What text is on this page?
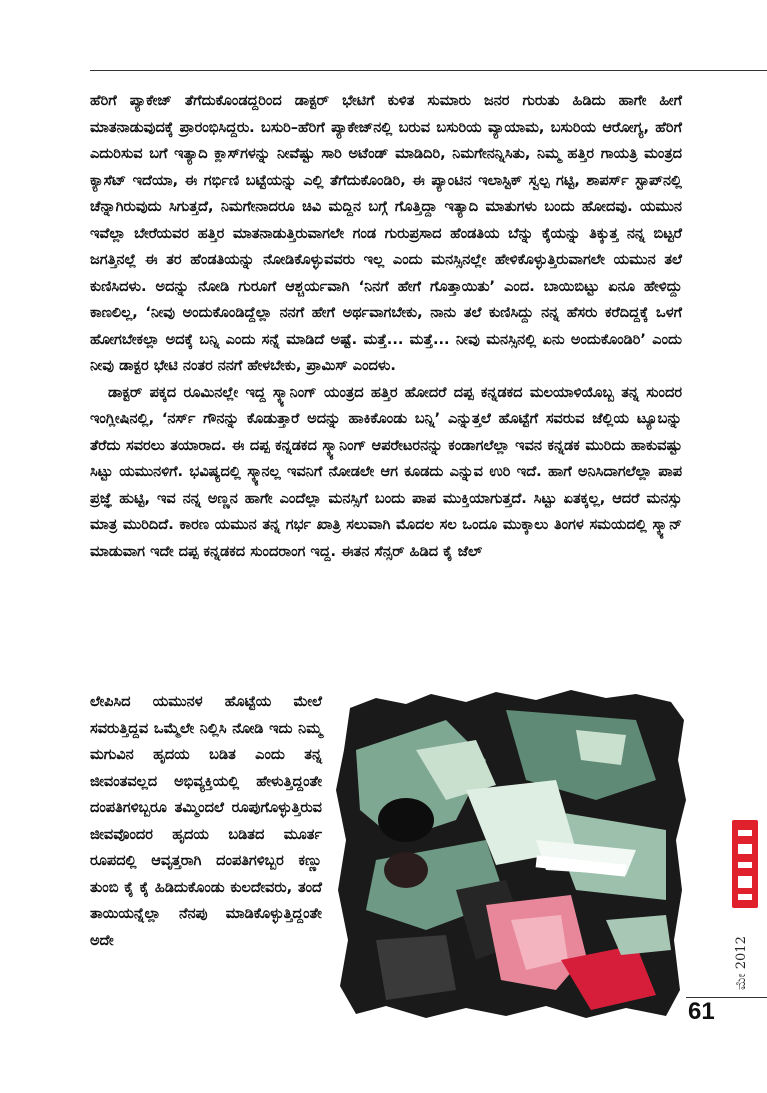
ಹೆರಿಗೆ ಪ್ಯಾಕೇಜ್ ತೆಗೆದುಕೊಂಡದ್ದರಿಂದ ಡಾಕ್ಟರ್ ಭೇಟಿಗೆ ಕುಳಿತ ಸುಮಾರು ಜನರ ಗುರುತು ಹಿಡಿದು ಹಾಗೇ ಹೀಗೆ ಮಾತನಾಡುವುದಕ್ಕೆ ಪ್ರಾರಂಭಿಸಿದ್ದರು. ಬಸುರಿ–ಹೆರಿಗೆ ಪ್ಯಾಕೇಜ್‌ನಲ್ಲಿ ಬರುವ ಬಸುರಿಯ ವ್ಯಾಯಾಮ, ಬಸುರಿಯ ಆರೋಗ್ಯ, ಹೆರಿಗೆ ಎದುರಿಸುವ ಬಗೆ ಇತ್ಯಾದಿ ಕ್ಲಾಸ್‌ಗಳನ್ನು ನೀವೆಷ್ಟು ಸಾರಿ ಅಟೆಂಡ್ ಮಾಡಿದಿರಿ, ನಿಮಗೇನನ್ನಿಸಿತು, ನಿಮ್ಮ ಹತ್ತಿರ ಗಾಯತ್ರಿ ಮಂತ್ರದ ಕ್ಯಾಸೆಟ್ ಇದೆಯಾ, ಈ ಗರ್ಭಿಣಿ ಬಟ್ಟೆಯನ್ನು ಎಲ್ಲಿ ತೆಗೆದುಕೊಂಡಿರಿ, ಈ ಪ್ಯಾಂಟಿನ ಇಲಾಸ್ಟಿಕ್ ಸ್ವಲ್ಪ ಗಟ್ಟಿ, ಶಾಪರ್ಸ್ ಸ್ಟಾಪ್‌ನಲ್ಲಿ ಚೆನ್ನಾಗಿರುವುದು ಸಿಗುತ್ತದೆ, ನಿಮಗೇನಾದರೂ ಚಿವಿ ಮದ್ದಿನ ಬಗ್ಗೆ ಗೊತ್ತಿದ್ದಾ ಇತ್ಯಾದಿ ಮಾತುಗಳು ಬಂದು ಹೋದವು. ಯಮುನ ಇವೆಲ್ಲಾ ಬೇರೆಯವರ ಹತ್ತಿರ ಮಾತನಾಡುತ್ತಿರುವಾಗಲೇ ಗಂಡ ಗುರುಪ್ರಸಾದ ಹೆಂಡತಿಯ ಬೆನ್ನು ಕೈಯನ್ನು ತಿಕ್ಕುತ್ತ ನನ್ನ ಬಿಟ್ಟರೆ ಜಗತ್ತಿನಲ್ಲೆ ಈ ತರ ಹೆಂಡತಿಯನ್ನು ನೋಡಿಕೊಳ್ಳುವವರು ಇಲ್ಲ ಎಂದು ಮನಸ್ಸಿನಲ್ಲೇ ಹೇಳಿಕೊಳ್ಳುತ್ತಿರುವಾಗಲೇ ಯಮುನ ತಲೆ ಕುಣಿಸಿದಳು. ಅದನ್ನು ನೋಡಿ ಗುರೂಗೆ ಆಶ್ಚರ್ಯವಾಗಿ ‘ನಿನಗೆ ಹೇಗೆ ಗೊತ್ತಾಯಿತು’ ಎಂದ. ಬಾಯಿಬಿಟ್ಟು ಏನೂ ಹೇಳಿದ್ದು ಕಾಣಲಿಲ್ಲ, ‘ನೀವು ಅಂದುಕೊಂಡಿದ್ದೆಲ್ಲಾ ನನಗೆ ಹೇಗೆ ಅರ್ಥವಾಗಬೇಕು, ನಾನು ತಲೆ ಕುಣಿಸಿದ್ದು ನನ್ನ ಹೆಸರು ಕರೆದಿದ್ದಕ್ಕೆ ಒಳಗೆ ಹೋಗಬೇಕಲ್ಲಾ ಅದಕ್ಕೆ ಬನ್ನಿ ಎಂದು ಸನ್ನೆ ಮಾಡಿದೆ ಅಷ್ಟೆ. ಮತ್ತೆ... ಮತ್ತೆ... ನೀವು ಮನಸ್ಸಿನಲ್ಲಿ ಏನು ಅಂದುಕೊಂಡಿರಿ’ ಎಂದು ನೀವು ಡಾಕ್ಟರ ಭೇಟಿ ನಂತರ ನನಗೆ ಹೇಳಬೇಕು, ಪ್ರಾಮಿಸ್ ಎಂದಳು.

ಡಾಕ್ಟರ್ ಪಕ್ಕದ ರೂಮಿನಲ್ಲೇ ಇದ್ದ ಸ್ಕ್ಯಾನಿಂಗ್ ಯಂತ್ರದ ಹತ್ತಿರ ಹೋದರೆ ದಪ್ಪ ಕನ್ನಡಕದ ಮಲಯಾಳಿಯೊಬ್ಬ ತನ್ನ ಸುಂದರ ಇಂಗ್ಲೀಷಿನಲ್ಲಿ, ‘ನರ್ಸ್ ಗೌನನ್ನು ಕೊಡುತ್ತಾರೆ ಅದನ್ನು ಹಾಕಿಕೊಂಡು ಬನ್ನಿ’ ಎನ್ನುತ್ತಲೆ ಹೊಟ್ಟೆಗೆ ಸವರುವ ಜೆಲ್ಲಿಯ ಟ್ಯೂಬನ್ನು ತೆರೆದು ಸವರಲು ತಯಾರಾದ. ಈ ದಪ್ಪ ಕನ್ನಡಕದ ಸ್ಕ್ಯಾನಿಂಗ್ ಆಪರೇಟರನನ್ನು ಕಂಡಾಗಲೆಲ್ಲಾ ಇವನ ಕನ್ನಡಕ ಮುರಿದು ಹಾಕುವಷ್ಟು ಸಿಟ್ಟು ಯಮುನಳಿಗೆ. ಭವಿಷ್ಯದಲ್ಲಿ ಸ್ಕ್ಯಾನಲ್ಲ ಇವನಿಗೆ ನೋಡಲೇ ಆಗ ಕೂಡದು ಎನ್ನುವ ಉರಿ ಇದೆ. ಹಾಗೆ ಅನಿಸಿದಾಗಲೆಲ್ಲಾ ಪಾಪ ಪ್ರಜ್ಞೆ ಹುಟ್ಟಿ, ಇವ ನನ್ನ ಅಣ್ಣನ ಹಾಗೇ ಎಂದೆಲ್ಲಾ ಮನಸ್ಸಿಗೆ ಬಂದು ಪಾಪ ಮುಕ್ತಿಯಾಗುತ್ತದೆ. ಸಿಟ್ಟು ಏತಕ್ಕಲ್ಲ, ಆದರೆ ಮನಸ್ಸು ಮಾತ್ರ ಮುರಿದಿದೆ. ಕಾರಣ ಯಮುನ ತನ್ನ ಗರ್ಭ ಖಾತ್ರಿ ಸಲುವಾಗಿ ಮೊದಲ ಸಲ ಒಂದೂ ಮುಕ್ಕಾಲು ತಿಂಗಳ ಸಮಯದಲ್ಲಿ ಸ್ಕ್ಯಾನ್ ಮಾಡುವಾಗ ಇದೇ ದಪ್ಪ ಕನ್ನಡಕದ ಸುಂದರಾಂಗ ಇದ್ದ. ಈತನ ಸೆನ್ಸರ್ ಹಿಡಿದ ಕೈ ಜೆಲ್

ಲೇಪಿಸಿದ ಯಮುನಳ ಹೊಟ್ಟೆಯ ಮೇಲೆ ಸವರುತ್ತಿದ್ದವ ಒಮ್ಮೆಲೇ ನಿಲ್ಲಿಸಿ ನೋಡಿ ಇದು ನಿಮ್ಮ ಮಗುವಿನ ಹೃದಯ ಬಡಿತ ಎಂದು ತನ್ನ ಜೀವಂತವಲ್ಲದ ಅಭಿವ್ಯಕ್ತಿಯಲ್ಲಿ ಹೇಳುತ್ತಿದ್ದಂತೇ ದಂಪತಿಗಳಿಬ್ಬರೂ ತಮ್ಮಿಂದಲೆ ರೂಪುಗೊಳ್ಳುತ್ತಿರುವ ಜೀವವೊಂದರ ಹೃದಯ ಬಡಿತದ ಮೂರ್ತ ರೂಪದಲ್ಲಿ ಆವೃತ್ತರಾಗಿ ದಂಪತಿಗಳಿಬ್ಬರ ಕಣ್ಣು ತುಂಬಿ ಕೈ ಕೈ ಹಿಡಿದುಕೊಂಡು ಕುಲದೇವರು, ತಂದೆ ತಾಯಿಯನ್ನೆಲ್ಲಾ ನೆನಪು ಮಾಡಿಕೊಳ್ಳುತ್ತಿದ್ದಂತೇ ಅದೇ	ಮೇ 2012
61
